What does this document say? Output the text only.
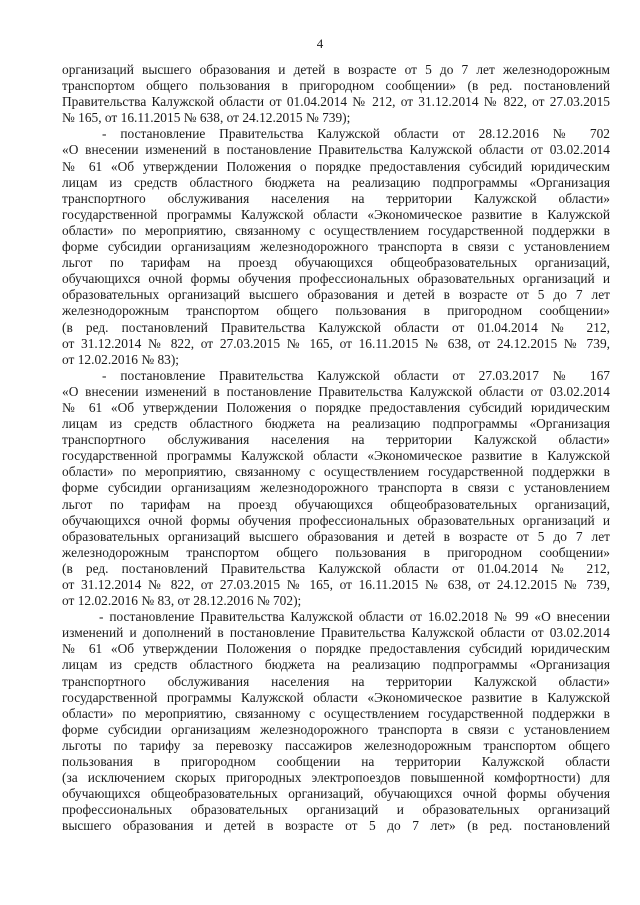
4
организаций высшего образования и детей в возрасте от 5 до 7 лет железнодорожным
транспортом общего пользования в пригородном сообщении» (в ред. постановлений
Правительства Калужской области от 01.04.2014 № 212, от 31.12.2014 № 822, от 27.03.2015
№ 165, от 16.11.2015 № 638, от 24.12.2015 № 739);
- постановление Правительства Калужской области от 28.12.2016 № 702
«О внесении изменений в постановление Правительства Калужской области от 03.02.2014
№ 61 «Об утверждении Положения о порядке предоставления субсидий юридическим
лицам из средств областного бюджета на реализацию подпрограммы «Организация
транспортного обслуживания населения на территории Калужской области»
государственной программы Калужской области «Экономическое развитие в Калужской
области» по мероприятию, связанному с осуществлением государственной поддержки в
форме субсидии организациям железнодорожного транспорта в связи с установлением
льгот по тарифам на проезд обучающихся общеобразовательных организаций,
обучающихся очной формы обучения профессиональных образовательных организаций и
образовательных организаций высшего образования и детей в возрасте от 5 до 7 лет
железнодорожным транспортом общего пользования в пригородном сообщении»
(в ред. постановлений Правительства Калужской области от 01.04.2014 № 212,
от 31.12.2014 № 822, от 27.03.2015 № 165, от 16.11.2015 № 638, от 24.12.2015 № 739,
от 12.02.2016 № 83);
- постановление Правительства Калужской области от 27.03.2017 № 167
«О внесении изменений в постановление Правительства Калужской области от 03.02.2014
№ 61 «Об утверждении Положения о порядке предоставления субсидий юридическим
лицам из средств областного бюджета на реализацию подпрограммы «Организация
транспортного обслуживания населения на территории Калужской области»
государственной программы Калужской области «Экономическое развитие в Калужской
области» по мероприятию, связанному с осуществлением государственной поддержки в
форме субсидии организациям железнодорожного транспорта в связи с установлением
льгот по тарифам на проезд обучающихся общеобразовательных организаций,
обучающихся очной формы обучения профессиональных образовательных организаций и
образовательных организаций высшего образования и детей в возрасте от 5 до 7 лет
железнодорожным транспортом общего пользования в пригородном сообщении»
(в ред. постановлений Правительства Калужской области от 01.04.2014 № 212,
от 31.12.2014 № 822, от 27.03.2015 № 165, от 16.11.2015 № 638, от 24.12.2015 № 739,
от 12.02.2016 № 83, от 28.12.2016 № 702);
- постановление Правительства Калужской области от 16.02.2018 № 99 «О внесении
изменений и дополнений в постановление Правительства Калужской области от 03.02.2014
№ 61 «Об утверждении Положения о порядке предоставления субсидий юридическим
лицам из средств областного бюджета на реализацию подпрограммы «Организация
транспортного обслуживания населения на территории Калужской области»
государственной программы Калужской области «Экономическое развитие в Калужской
области» по мероприятию, связанному с осуществлением государственной поддержки в
форме субсидии организациям железнодорожного транспорта в связи с установлением
льготы по тарифу за перевозку пассажиров железнодорожным транспортом общего
пользования в пригородном сообщении на территории Калужской области
(за исключением скорых пригородных электропоездов повышенной комфортности) для
обучающихся общеобразовательных организаций, обучающихся очной формы обучения
профессиональных образовательных организаций и образовательных организаций
высшего образования и детей в возрасте от 5 до 7 лет» (в ред. постановлений
